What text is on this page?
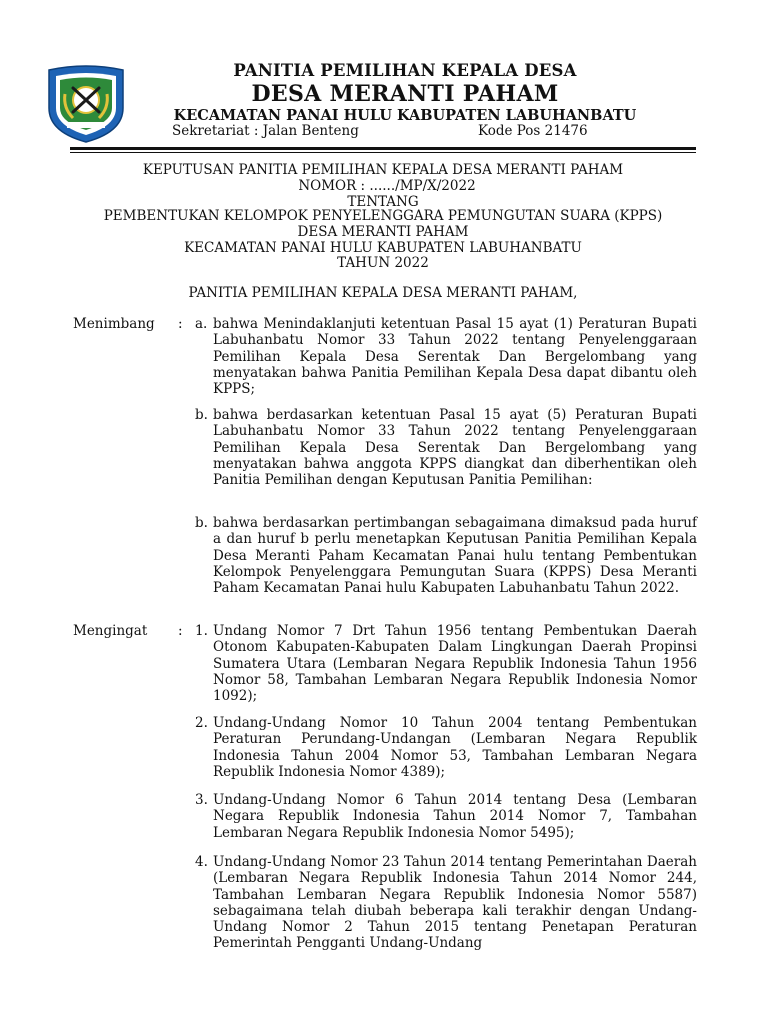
PANITIA PEMILIHAN KEPALA DESA
DESA MERANTI PAHAM
KECAMATAN PANAI HULU KABUPATEN LABUHANBATU
Sekretariat : Jalan Benteng	Kode Pos 21476
KEPUTUSAN PANITIA PEMILIHAN KEPALA DESA MERANTI PAHAM
NOMOR : ....../MP/X/2022
TENTANG
PEMBENTUKAN KELOMPOK PENYELENGGARA PEMUNGUTAN SUARA (KPPS)
DESA MERANTI PAHAM
KECAMATAN PANAI HULU KABUPATEN LABUHANBATU
TAHUN 2022
PANITIA PEMILIHAN KEPALA DESA MERANTI PAHAM,
Menimbang : a. bahwa Menindaklanjuti ketentuan Pasal 15 ayat (1) Peraturan Bupati Labuhanbatu Nomor 33 Tahun 2022 tentang Penyelenggaraan Pemilihan Kepala Desa Serentak Dan Bergelombang yang menyatakan bahwa Panitia Pemilihan Kepala Desa dapat dibantu oleh KPPS;

b. bahwa berdasarkan ketentuan Pasal 15 ayat (5) Peraturan Bupati Labuhanbatu Nomor 33 Tahun 2022 tentang Penyelenggaraan Pemilihan Kepala Desa Serentak Dan Bergelombang yang menyatakan bahwa anggota KPPS diangkat dan diberhentikan oleh Panitia Pemilihan dengan Keputusan Panitia Pemilihan:

b. bahwa berdasarkan pertimbangan sebagaimana dimaksud pada huruf a dan huruf b perlu menetapkan Keputusan Panitia Pemilihan Kepala Desa Meranti Paham Kecamatan Panai hulu tentang Pembentukan Kelompok Penyelenggara Pemungutan Suara (KPPS) Desa Meranti Paham Kecamatan Panai hulu Kabupaten Labuhanbatu Tahun 2022.

Mengingat : 1. Undang Nomor 7 Drt Tahun 1956 tentang Pembentukan Daerah Otonom Kabupaten-Kabupaten Dalam Lingkungan Daerah Propinsi Sumatera Utara (Lembaran Negara Republik Indonesia Tahun 1956 Nomor 58, Tambahan Lembaran Negara Republik Indonesia Nomor 1092);

2. Undang-Undang Nomor 10 Tahun 2004 tentang Pembentukan Peraturan Perundang-Undangan (Lembaran Negara Republik Indonesia Tahun 2004 Nomor 53, Tambahan Lembaran Negara Republik Indonesia Nomor 4389);

3. Undang-Undang Nomor 6 Tahun 2014 tentang Desa (Lembaran Negara Republik Indonesia Tahun 2014 Nomor 7, Tambahan Lembaran Negara Republik Indonesia Nomor 5495);

4. Undang-Undang Nomor 23 Tahun 2014 tentang Pemerintahan Daerah (Lembaran Negara Republik Indonesia Tahun 2014 Nomor 244, Tambahan Lembaran Negara Republik Indonesia Nomor 5587) sebagaimana telah diubah beberapa kali terakhir dengan Undang-Undang Nomor 2 Tahun 2015 tentang Penetapan Peraturan Pemerintah Pengganti Undang-Undang
